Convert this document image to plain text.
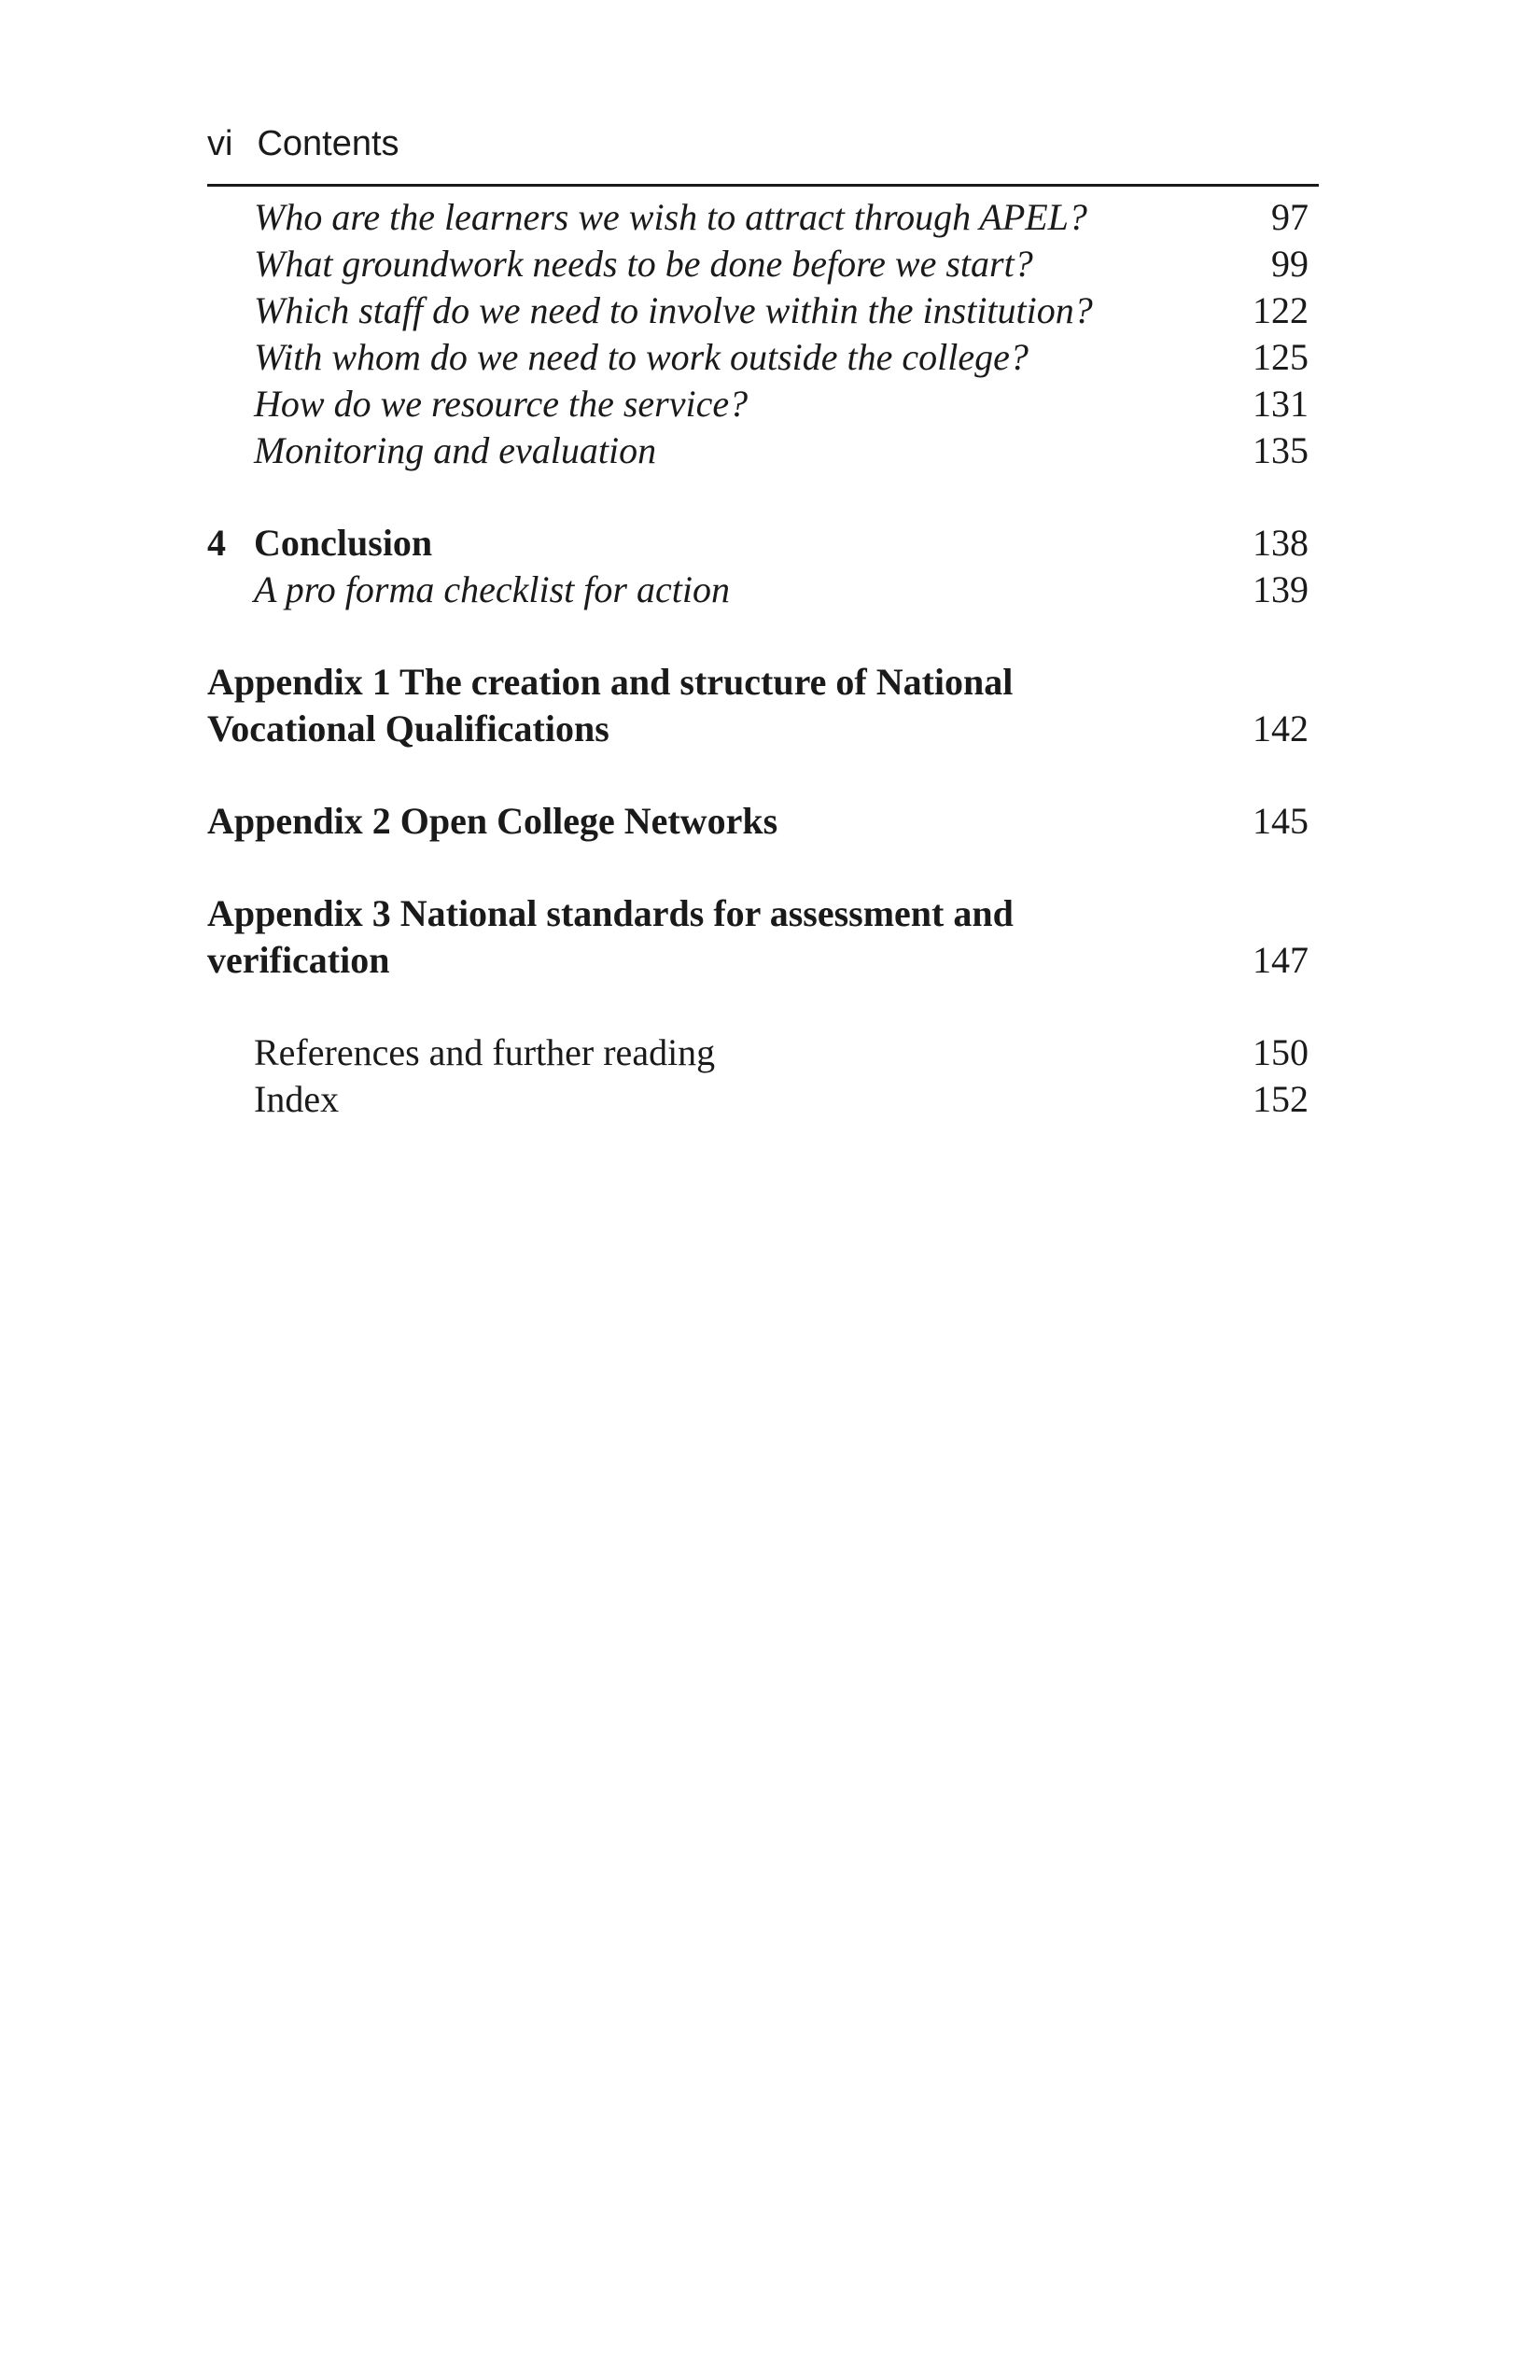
vi Contents
Who are the learners we wish to attract through APEL?	97
What groundwork needs to be done before we start?	99
Which staff do we need to involve within the institution?	122
With whom do we need to work outside the college?	125
How do we resource the service?	131
Monitoring and evaluation	135
4 Conclusion	138
A pro forma checklist for action	139
Appendix 1 The creation and structure of National
Vocational Qualifications	142
Appendix 2 Open College Networks	145
Appendix 3 National standards for assessment and
verification	147
References and further reading	150
Index	152
